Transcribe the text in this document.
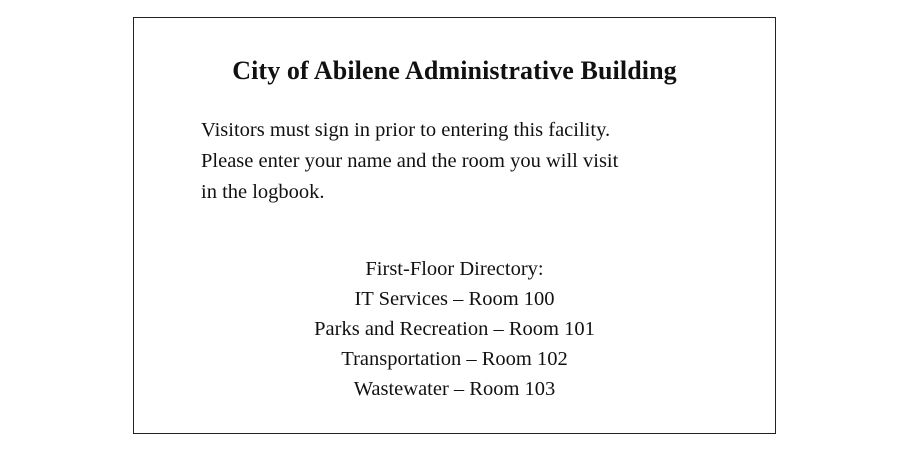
City of Abilene Administrative Building

Visitors must sign in prior to entering this facility.
Please enter your name and the room you will visit
in the logbook.

First-Floor Directory:
IT Services – Room 100
Parks and Recreation – Room 101
Transportation – Room 102
Wastewater – Room 103
